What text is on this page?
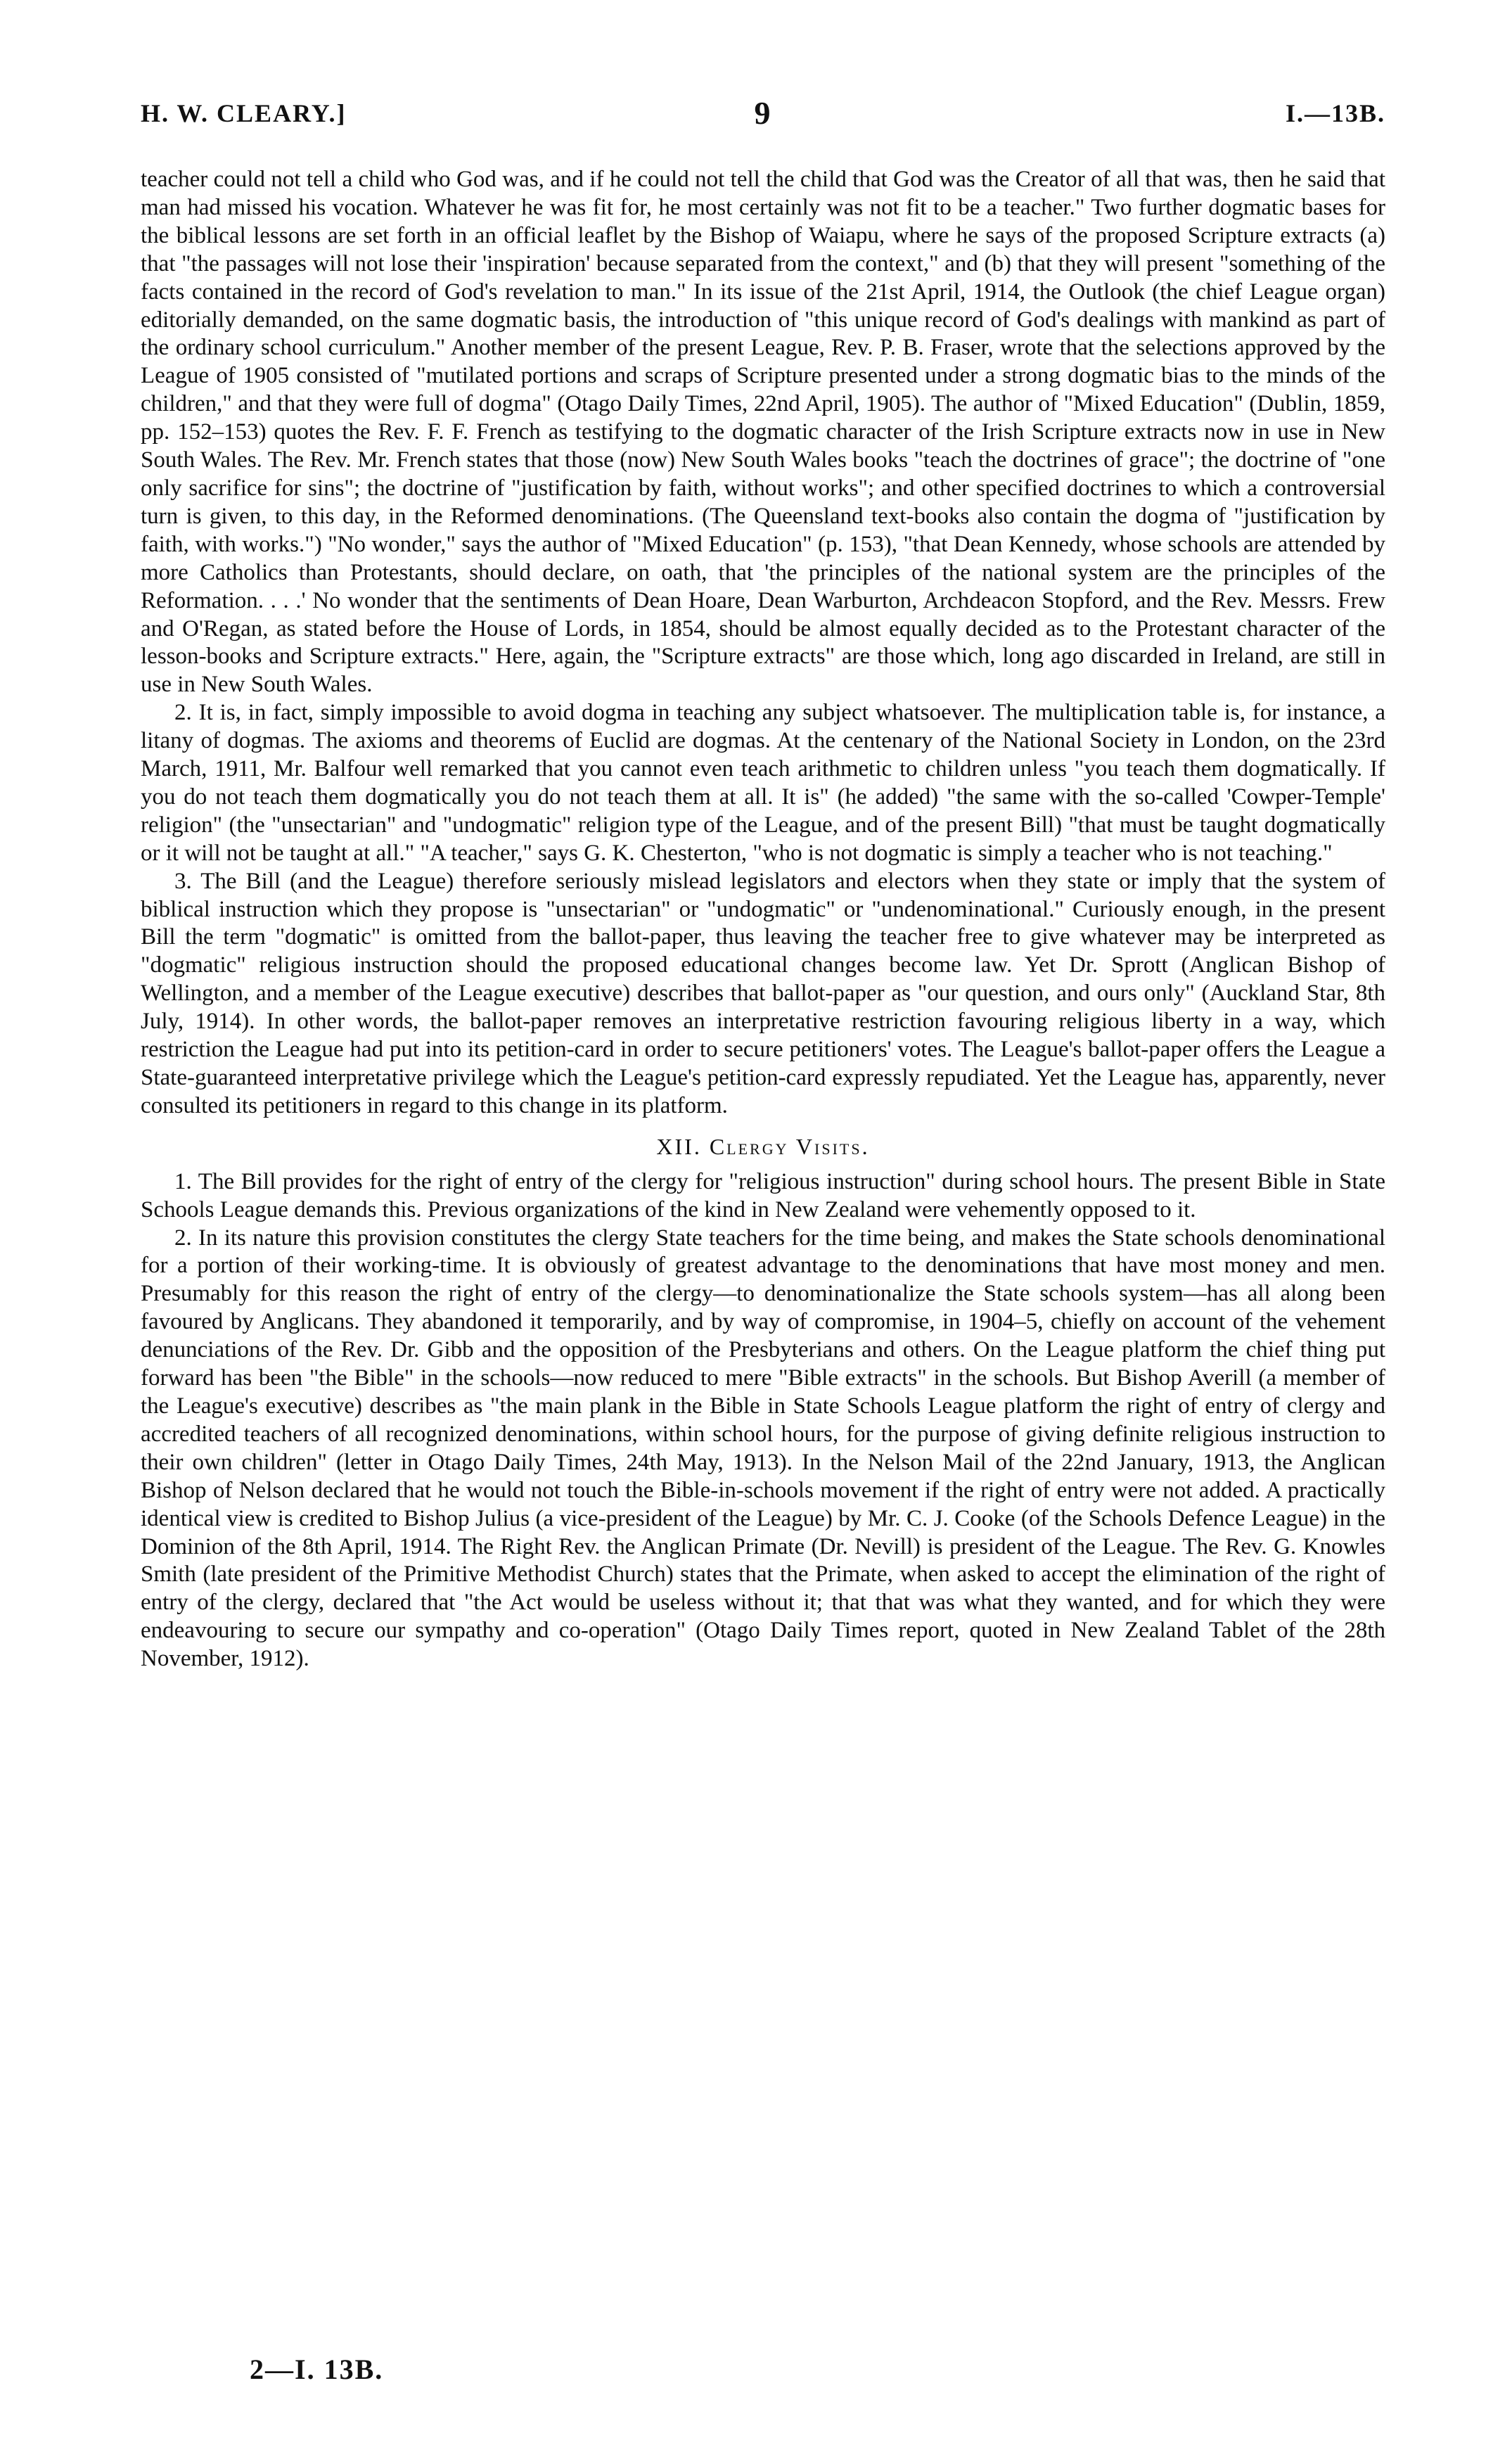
H. W. CLEARY.]	9	I.—13B.

teacher could not tell a child who God was, and if he could not tell the child that God was the Creator of all that was, then he said that man had missed his vocation. Whatever he was fit for, he most certainly was not fit to be a teacher." Two further dogmatic bases for the biblical lessons are set forth in an official leaflet by the Bishop of Waiapu, where he says of the proposed Scripture extracts (a) that "the passages will not lose their 'inspiration' because separated from the context," and (b) that they will present "something of the facts contained in the record of God's revelation to man." In its issue of the 21st April, 1914, the Outlook (the chief League organ) editorially demanded, on the same dogmatic basis, the introduction of "this unique record of God's dealings with mankind as part of the ordinary school curriculum." Another member of the present League, Rev. P. B. Fraser, wrote that the selections approved by the League of 1905 consisted of "mutilated portions and scraps of Scripture presented under a strong dogmatic bias to the minds of the children," and that they were full of dogma" (Otago Daily Times, 22nd April, 1905). The author of "Mixed Education" (Dublin, 1859, pp. 152–153) quotes the Rev. F. F. French as testifying to the dogmatic character of the Irish Scripture extracts now in use in New South Wales. The Rev. Mr. French states that those (now) New South Wales books "teach the doctrines of grace"; the doctrine of "one only sacrifice for sins"; the doctrine of "justification by faith, without works"; and other specified doctrines to which a controversial turn is given, to this day, in the Reformed denominations. (The Queensland text-books also contain the dogma of "justification by faith, with works.") "No wonder," says the author of "Mixed Education" (p. 153), "that Dean Kennedy, whose schools are attended by more Catholics than Protestants, should declare, on oath, that 'the principles of the national system are the principles of the Reformation. . . .' No wonder that the sentiments of Dean Hoare, Dean Warburton, Archdeacon Stopford, and the Rev. Messrs. Frew and O'Regan, as stated before the House of Lords, in 1854, should be almost equally decided as to the Protestant character of the lesson-books and Scripture extracts." Here, again, the "Scripture extracts" are those which, long ago discarded in Ireland, are still in use in New South Wales.

2. It is, in fact, simply impossible to avoid dogma in teaching any subject whatsoever. The multiplication table is, for instance, a litany of dogmas. The axioms and theorems of Euclid are dogmas. At the centenary of the National Society in London, on the 23rd March, 1911, Mr. Balfour well remarked that you cannot even teach arithmetic to children unless "you teach them dogmatically. If you do not teach them dogmatically you do not teach them at all. It is" (he added) "the same with the so-called 'Cowper-Temple' religion" (the "unsectarian" and "undogmatic" religion type of the League, and of the present Bill) "that must be taught dogmatically or it will not be taught at all." "A teacher," says G. K. Chesterton, "who is not dogmatic is simply a teacher who is not teaching."

3. The Bill (and the League) therefore seriously mislead legislators and electors when they state or imply that the system of biblical instruction which they propose is "unsectarian" or "undogmatic" or "undenominational." Curiously enough, in the present Bill the term "dogmatic" is omitted from the ballot-paper, thus leaving the teacher free to give whatever may be interpreted as "dogmatic" religious instruction should the proposed educational changes become law. Yet Dr. Sprott (Anglican Bishop of Wellington, and a member of the League executive) describes that ballot-paper as "our question, and ours only" (Auckland Star, 8th July, 1914). In other words, the ballot-paper removes an interpretative restriction favouring religious liberty in a way, which restriction the League had put into its petition-card in order to secure petitioners' votes. The League's ballot-paper offers the League a State-guaranteed interpretative privilege which the League's petition-card expressly repudiated. Yet the League has, apparently, never consulted its petitioners in regard to this change in its platform.

XII. Clergy Visits.

1. The Bill provides for the right of entry of the clergy for "religious instruction" during school hours. The present Bible in State Schools League demands this. Previous organizations of the kind in New Zealand were vehemently opposed to it.

2. In its nature this provision constitutes the clergy State teachers for the time being, and makes the State schools denominational for a portion of their working-time. It is obviously of greatest advantage to the denominations that have most money and men. Presumably for this reason the right of entry of the clergy—to denominationalize the State schools system—has all along been favoured by Anglicans. They abandoned it temporarily, and by way of compromise, in 1904–5, chiefly on account of the vehement denunciations of the Rev. Dr. Gibb and the opposition of the Presbyterians and others. On the League platform the chief thing put forward has been "the Bible" in the schools—now reduced to mere "Bible extracts" in the schools. But Bishop Averill (a member of the League's executive) describes as "the main plank in the Bible in State Schools League platform the right of entry of clergy and accredited teachers of all recognized denominations, within school hours, for the purpose of giving definite religious instruction to their own children" (letter in Otago Daily Times, 24th May, 1913). In the Nelson Mail of the 22nd January, 1913, the Anglican Bishop of Nelson declared that he would not touch the Bible-in-schools movement if the right of entry were not added. A practically identical view is credited to Bishop Julius (a vice-president of the League) by Mr. C. J. Cooke (of the Schools Defence League) in the Dominion of the 8th April, 1914. The Right Rev. the Anglican Primate (Dr. Nevill) is president of the League. The Rev. G. Knowles Smith (late president of the Primitive Methodist Church) states that the Primate, when asked to accept the elimination of the right of entry of the clergy, declared that "the Act would be useless without it; that that was what they wanted, and for which they were endeavouring to secure our sympathy and co-operation" (Otago Daily Times report, quoted in New Zealand Tablet of the 28th November, 1912).

2—I. 13B.
